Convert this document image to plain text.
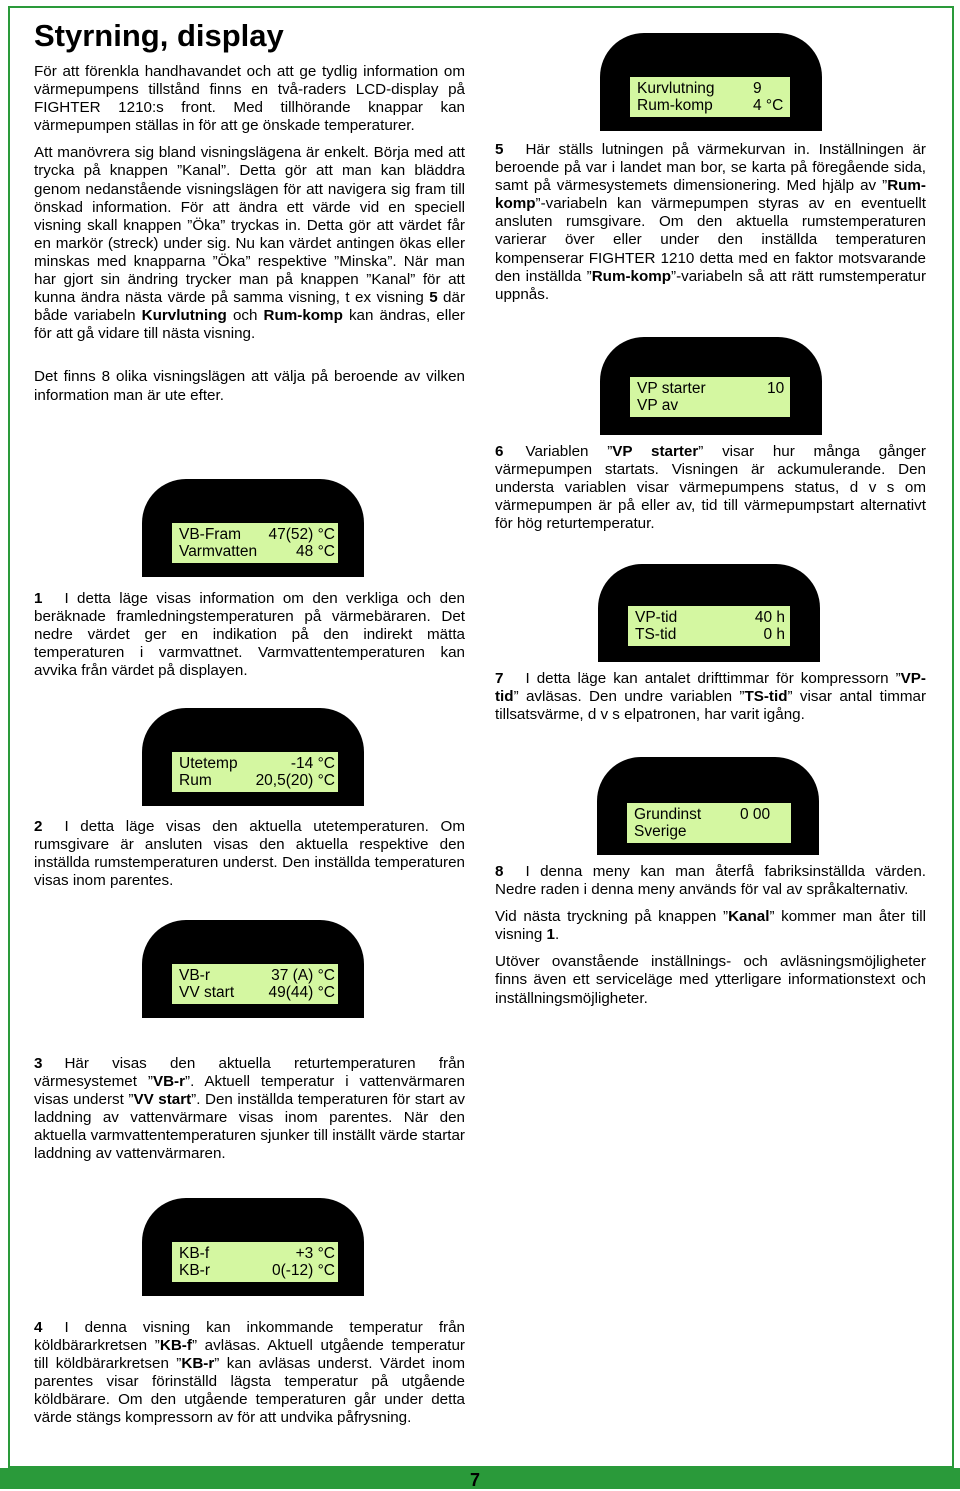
Styrning, display

För att förenkla handhavandet och att ge tydlig information om värmepumpens tillstånd finns en två-raders LCD-display på FIGHTER 1210:s front. Med tillhörande knappar kan värmepumpen ställas in för att ge önskade temperaturer.

Att manövrera sig bland visningslägena är enkelt. Börja med att trycka på knappen ”Kanal”. Detta gör att man kan bläddra genom nedanstående visningslägen för att navigera sig fram till önskad information. För att ändra ett värde vid en speciell visning skall knappen ”Öka” tryckas in. Detta gör att värdet får en markör (streck) under sig. Nu kan värdet antingen ökas eller minskas med knapparna ”Öka” respektive ”Minska”. När man har gjort sin ändring trycker man på knappen ”Kanal” för att kunna ändra nästa värde på samma visning, t ex visning 5 där både variabeln Kurvlutning och Rum-komp kan ändras, eller för att gå vidare till nästa visning.

Det finns 8 olika visningslägen att välja på beroende av vilken information man är ute efter.

VB-Fram 47(52) °C
Varmvatten	48 °C

1 I detta läge visas information om den verkliga och den beräknade framledningstemperaturen på värmebäraren. Det nedre värdet ger en indikation på den indirekt mätta temperaturen i varmvattnet. Varmvattentemperaturen kan avvika från värdet på displayen.

Utetemp	-14 °C
Rum	20,5(20) °C

2 I detta läge visas den aktuella utetemperaturen. Om rumsgivare är ansluten visas den aktuella respektive den inställda rumstemperaturen underst. Den inställda temperaturen visas inom parentes.

VB-r	37 (A) °C
VV start 49(44) °C

3 Här visas den aktuella returtemperaturen från värmesystemet ”VB-r”. Aktuell temperatur i vattenvärmaren visas underst ”VV start”. Den inställda temperaturen för start av laddning av vattenvärmare visas inom parentes. När den aktuella varmvattentemperaturen sjunker till inställt värde startar laddning av vattenvärmaren.

KB-f	+3 °C
KB-r	0(-12) °C

4 I denna visning kan inkommande temperatur från köldbärarkretsen ”KB-f” avläsas. Aktuell utgående temperatur till köldbärarkretsen ”KB-r” kan avläsas underst. Värdet inom parentes visar förinställd lägsta temperatur på utgående köldbärare. Om den utgående temperaturen går under detta värde stängs kompressorn av för att undvika påfrysning.

Kurvlutning 9
Rum-komp	4 °C

5 Här ställs lutningen på värmekurvan in. Inställningen är beroende på var i landet man bor, se karta på föregående sida, samt på värmesystemets dimensionering. Med hjälp av ”Rum-komp”-variabeln kan värmepumpen styras av en eventuellt ansluten rumsgivare. Om den aktuella rumstemperaturen varierar över eller under den inställda temperaturen kompenserar FIGHTER 1210 detta med en faktor motsvarande den inställda ”Rum-komp”-variabeln så att rätt rumstemperatur uppnås.

VP starter	10
VP av

6 Variablen ”VP starter” visar hur många gånger värmepumpen startats. Visningen är ackumulerande. Den understa variablen visar värmepumpens status, d v s om värmepumpen är på eller av, tid till värmepumpstart alternativt för hög returtemperatur.

VP-tid	40 h
TS-tid	0 h

7 I detta läge kan antalet drifttimmar för kompressorn ”VP-tid” avläsas. Den undre variablen ”TS-tid” visar antal timmar tillsatsvärme, d v s elpatronen, har varit igång.

Grundinst	0 00
Sverige

8 I denna meny kan man återfå fabriksinställda värden. Nedre raden i denna meny används för val av språkalternativ.

Vid nästa tryckning på knappen ”Kanal” kommer man åter till visning 1.

Utöver ovanstående inställnings- och avläsningsmöjligheter finns även ett serviceläge med ytterligare informationstext och inställningsmöjligheter.

7
